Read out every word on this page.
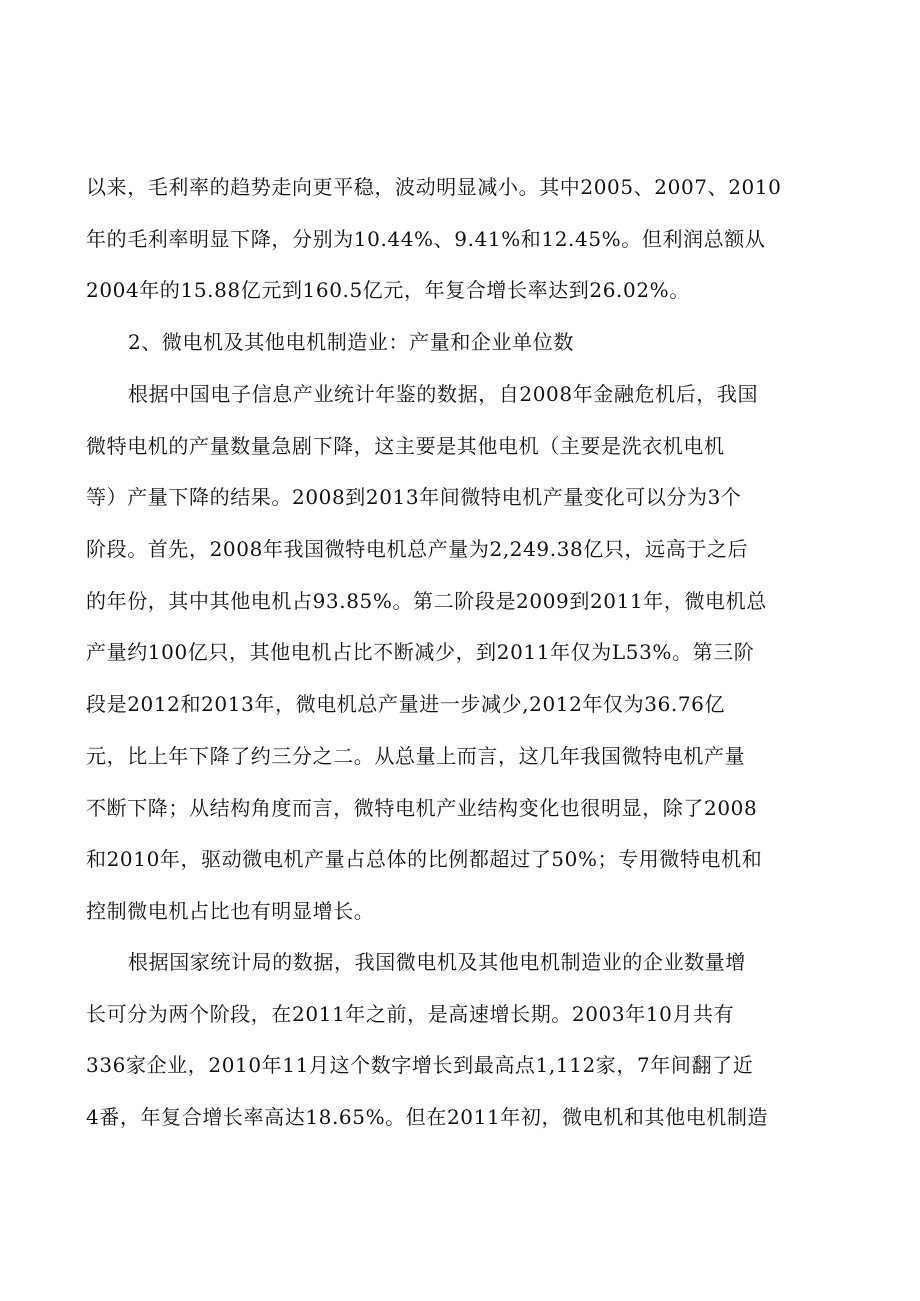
以来，毛利率的趋势走向更平稳，波动明显减小。其中2005、2007、2010
年的毛利率明显下降，分别为10.44%、9.41%和12.45%。但利润总额从
2004年的15.88亿元到160.5亿元，年复合增长率达到26.02%。
2、微电机及其他电机制造业：产量和企业单位数
根据中国电子信息产业统计年鉴的数据，自2008年金融危机后，我国
微特电机的产量数量急剧下降，这主要是其他电机（主要是洗衣机电机
等）产量下降的结果。2008到2013年间微特电机产量变化可以分为3个
阶段。首先，2008年我国微特电机总产量为2,249.38亿只，远高于之后
的年份，其中其他电机占93.85%。第二阶段是2009到2011年，微电机总
产量约100亿只，其他电机占比不断减少，到2011年仅为L53%。第三阶
段是2012和2013年，微电机总产量进一步减少,2012年仅为36.76亿
元，比上年下降了约三分之二。从总量上而言，这几年我国微特电机产量
不断下降；从结构角度而言，微特电机产业结构变化也很明显，除了2008
和2010年，驱动微电机产量占总体的比例都超过了50%；专用微特电机和
控制微电机占比也有明显增长。
根据国家统计局的数据，我国微电机及其他电机制造业的企业数量增
长可分为两个阶段，在2011年之前，是高速增长期。2003年10月共有
336家企业，2010年11月这个数字增长到最高点1,112家，7年间翻了近
4番，年复合增长率高达18.65%。但在2011年初，微电机和其他电机制造
